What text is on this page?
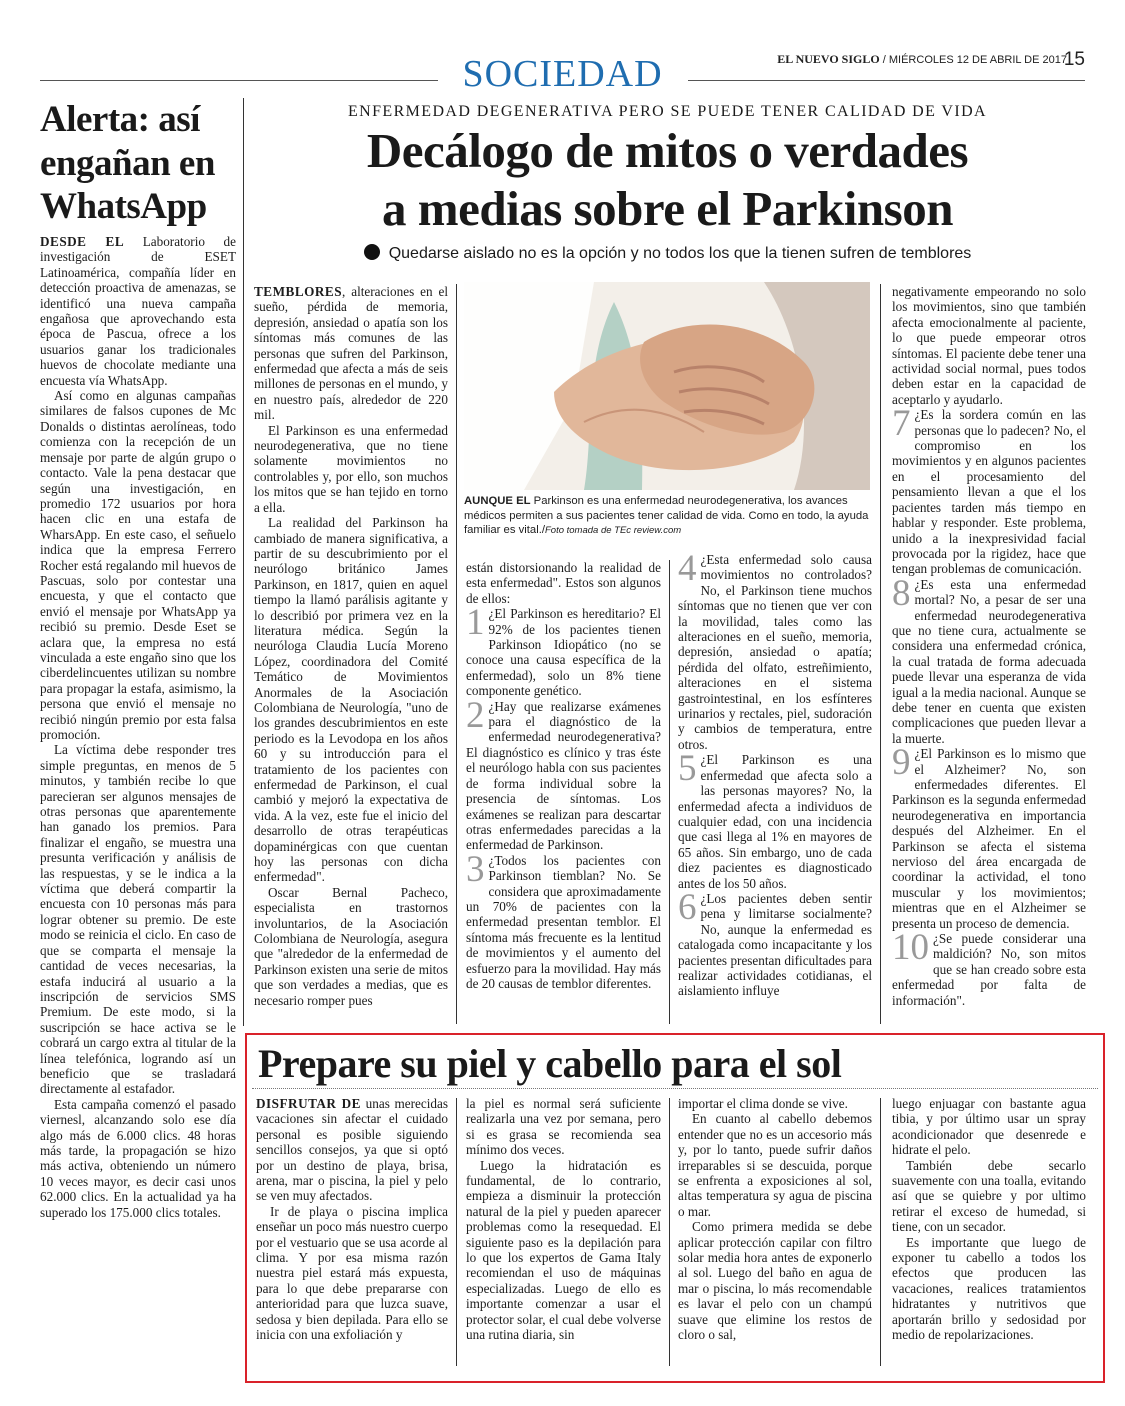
SOCIEDAD	EL NUEVO SIGLO / MIÉRCOLES 12 DE ABRIL DE 2017
15
Alerta: así engañan en WhatsApp

DESDE EL Laboratorio de investigación de ESET Latinoamérica, compañía líder en detección proactiva de amenazas, se identificó una nueva campaña engañosa que aprovechando esta época de Pascua, ofrece a los usuarios ganar los tradicionales huevos de chocolate mediante una encuesta vía WhatsApp.

Así como en algunas campañas similares de falsos cupones de Mc Donalds o distintas aerolíneas, todo comienza con la recepción de un mensaje por parte de algún grupo o contacto. Vale la pena destacar que según una investigación, en promedio 172 usuarios por hora hacen clic en una estafa de WharsApp. En este caso, el señuelo indica que la empresa Ferrero Rocher está regalando mil huevos de Pascuas, solo por contestar una encuesta, y que el contacto que envió el mensaje por WhatsApp ya recibió su premio. Desde Eset se aclara que, la empresa no está vinculada a este engaño sino que los ciberdelincuentes utilizan su nombre para propagar la estafa, asimismo, la persona que envió el mensaje no recibió ningún premio por esta falsa promoción.

La víctima debe responder tres simple preguntas, en menos de 5 minutos, y también recibe lo que parecieran ser algunos mensajes de otras personas que aparentemente han ganado los premios. Para finalizar el engaño, se muestra una presunta verificación y análisis de las respuestas, y se le indica a la víctima que deberá compartir la encuesta con 10 personas más para lograr obtener su premio. De este modo se reinicia el ciclo. En caso de que se comparta el mensaje la cantidad de veces necesarias, la estafa inducirá al usuario a la inscripción de servicios SMS Premium. De este modo, si la suscripción se hace activa se le cobrará un cargo extra al titular de la línea telefónica, logrando así un beneficio que se trasladará directamente al estafador.

Esta campaña comenzó el pasado viernesl, alcanzando solo ese día algo más de 6.000 clics. 48 horas más tarde, la propagación se hizo más activa, obteniendo un número 10 veces mayor, es decir casi unos 62.000 clics. En la actualidad ya ha superado los 175.000 clics totales.

ENFERMEDAD DEGENERATIVA PERO SE PUEDE TENER CALIDAD DE VIDA
Decálogo de mitos o verdades
a medias sobre el Parkinson
Quedarse aislado no es la opción y no todos los que la tienen sufren de temblores

TEMBLORES, alteraciones en el sueño, pérdida de memoria, depresión, ansiedad o apatía son los síntomas más comunes de las personas que sufren del Parkinson, enfermedad que afecta a más de seis millones de personas en el mundo, y en nuestro país, alrededor de 220 mil.

El Parkinson es una enfermedad neurodegenerativa, que no tiene solamente movimientos no controlables y, por ello, son muchos los mitos que se han tejido en torno a ella.

La realidad del Parkinson ha cambiado de manera significativa, a partir de su descubrimiento por el neurólogo británico James Parkinson, en 1817, quien en aquel tiempo la llamó parálisis agitante y lo describió por primera vez en la literatura médica. Según la neuróloga Claudia Lucía Moreno López, coordinadora del Comité Temático de Movimientos Anormales de la Asociación Colombiana de Neurología, "uno de los grandes descubrimientos en este periodo es la Levodopa en los años 60 y su introducción para el tratamiento de los pacientes con enfermedad de Parkinson, el cual cambió y mejoró la expectativa de vida. A la vez, este fue el inicio del desarrollo de otras terapéuticas dopaminérgicas con que cuentan hoy las personas con dicha enfermedad".

Oscar Bernal Pacheco, especialista en trastornos involuntarios, de la Asociación Colombiana de Neurología, asegura que "alrededor de la enfermedad de Parkinson existen una serie de mitos que son verdades a medias, que es necesario romper pues

AUNQUE EL Parkinson es una enfermedad neurodegenerativa, los avances médicos permiten a sus pacientes tener calidad de vida. Como en todo, la ayuda familiar es vital./Foto tomada de TEc review.com

están distorsionando la realidad de esta enfermedad". Estos son algunos de ellos:

1 ¿El Parkinson es hereditario? El 92% de los pacientes tienen Parkinson Idiopático (no se conoce una causa específica de la enfermedad), solo un 8% tiene componente genético.

2 ¿Hay que realizarse exámenes para el diagnóstico de la enfermedad neurodegenerativa? El diagnóstico es clínico y tras éste el neurólogo habla con sus pacientes de forma individual sobre la presencia de síntomas. Los exámenes se realizan para descartar otras enfermedades parecidas a la enfermedad de Parkinson.

3 ¿Todos los pacientes con Parkinson tiemblan? No. Se considera que aproximadamente un 70% de pacientes con la enfermedad presentan temblor. El síntoma más frecuente es la lentitud de movimientos y el aumento del esfuerzo para la movilidad. Hay más de 20 causas de temblor diferentes.

4 ¿Esta enfermedad solo causa movimientos no controlados? No, el Parkinson tiene muchos síntomas que no tienen que ver con la movilidad, tales como las alteraciones en el sueño, memoria, depresión, ansiedad o apatía; pérdida del olfato, estreñimiento, alteraciones en el sistema gastrointestinal, en los esfínteres urinarios y rectales, piel, sudoración y cambios de temperatura, entre otros.

5 ¿El Parkinson es una enfermedad que afecta solo a las personas mayores? No, la enfermedad afecta a individuos de cualquier edad, con una incidencia que casi llega al 1% en mayores de 65 años. Sin embargo, uno de cada diez pacientes es diagnosticado antes de los 50 años.

6 ¿Los pacientes deben sentir pena y limitarse socialmente? No, aunque la enfermedad es catalogada como incapacitante y los pacientes presentan dificultades para realizar actividades cotidianas, el aislamiento influye

negativamente empeorando no solo los movimientos, sino que también afecta emocionalmente al paciente, lo que puede empeorar otros síntomas. El paciente debe tener una actividad social normal, pues todos deben estar en la capacidad de aceptarlo y ayudarlo.

7 ¿Es la sordera común en las personas que lo padecen? No, el compromiso en los movimientos y en algunos pacientes en el procesamiento del pensamiento llevan a que el los pacientes tarden más tiempo en hablar y responder. Este problema, unido a la inexpresividad facial provocada por la rigidez, hace que tengan problemas de comunicación.

8 ¿Es esta una enfermedad mortal? No, a pesar de ser una enfermedad neurodegenerativa que no tiene cura, actualmente se considera una enfermedad crónica, la cual tratada de forma adecuada puede llevar una esperanza de vida igual a la media nacional. Aunque se debe tener en cuenta que existen complicaciones que pueden llevar a la muerte.

9 ¿El Parkinson es lo mismo que el Alzheimer? No, son enfermedades diferentes. El Parkinson es la segunda enfermedad neurodegenerativa en importancia después del Alzheimer. En el Parkinson se afecta el sistema nervioso del área encargada de coordinar la actividad, el tono muscular y los movimientos; mientras que en el Alzheimer se presenta un proceso de demencia.

10 ¿Se puede considerar una maldición? No, son mitos que se han creado sobre esta enfermedad por falta de información".

Prepare su piel y cabello para el sol

DISFRUTAR DE unas merecidas vacaciones sin afectar el cuidado personal es posible siguiendo sencillos consejos, ya que si optó por un destino de playa, brisa, arena, mar o piscina, la piel y pelo se ven muy afectados.

Ir de playa o piscina implica enseñar un poco más nuestro cuerpo por el vestuario que se usa acorde al clima. Y por esa misma razón nuestra piel estará más expuesta, para lo que debe prepararse con anterioridad para que luzca suave, sedosa y bien depilada. Para ello se inicia con una exfoliación y

la piel es normal será suficiente realizarla una vez por semana, pero si es grasa se recomienda sea mínimo dos veces.

Luego la hidratación es fundamental, de lo contrario, empieza a disminuir la protección natural de la piel y pueden aparecer problemas como la resequedad. El siguiente paso es la depilación para lo que los expertos de Gama Italy recomiendan el uso de máquinas especializadas. Luego de ello es importante comenzar a usar el protector solar, el cual debe volverse una rutina diaria, sin

importar el clima donde se vive.

En cuanto al cabello debemos entender que no es un accesorio más y, por lo tanto, puede sufrir daños irreparables si se descuida, porque se enfrenta a exposiciones al sol, altas temperatura sy agua de piscina o mar.

Como primera medida se debe aplicar protección capilar con filtro solar media hora antes de exponerlo al sol. Luego del baño en agua de mar o piscina, lo más recomendable es lavar el pelo con un champú suave que elimine los restos de cloro o sal,

luego enjuagar con bastante agua tibia, y por último usar un spray acondicionador que desenrede e hidrate el pelo.

También debe secarlo suavemente con una toalla, evitando así que se quiebre y por ultimo retirar el exceso de humedad, si tiene, con un secador.

Es importante que luego de exponer tu cabello a todos los efectos que producen las vacaciones, realices tratamientos hidratantes y nutritivos que aportarán brillo y sedosidad por medio de repolarizaciones.
